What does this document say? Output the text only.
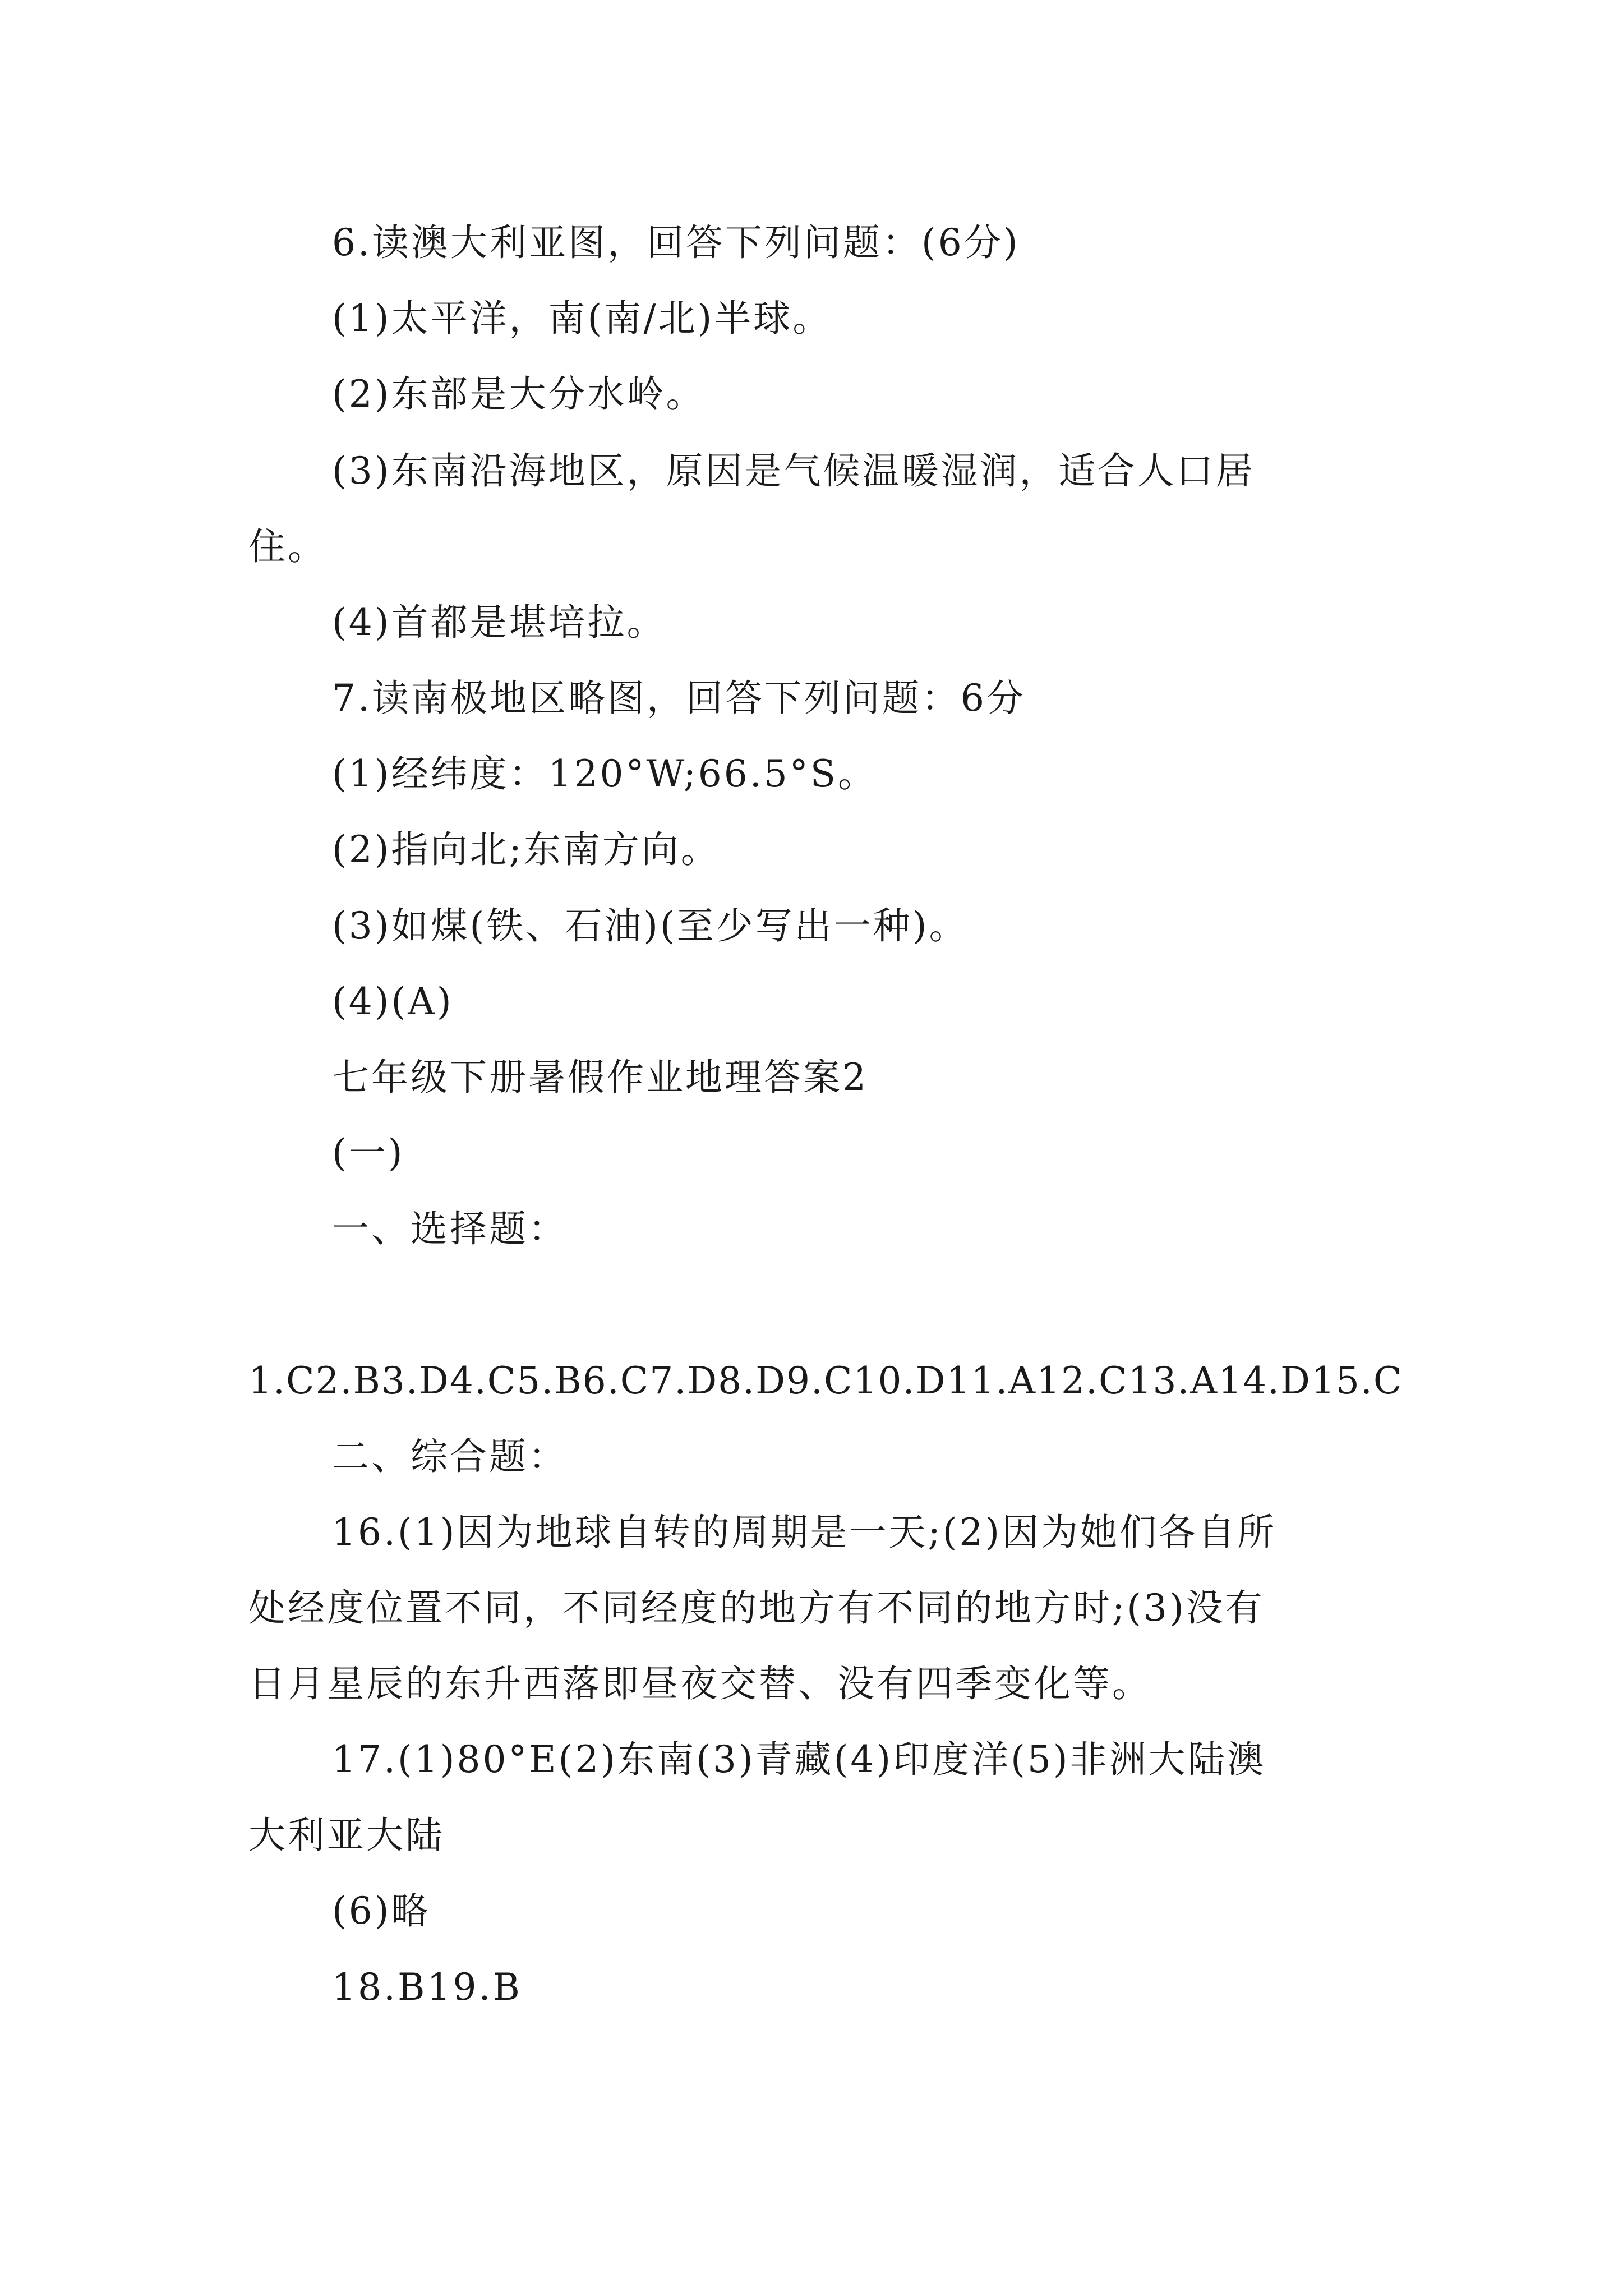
6.读澳大利亚图，回答下列问题：(6分)
(1)太平洋，南(南/北)半球。
(2)东部是大分水岭。
(3)东南沿海地区，原因是气候温暖湿润，适合人口居
住。
(4)首都是堪培拉。
7.读南极地区略图，回答下列问题：6分
(1)经纬度：120°W;66.5°S。
(2)指向北;东南方向。
(3)如煤(铁、石油)(至少写出一种)。
(4)(A)
七年级下册暑假作业地理答案2
(一)
一、选择题：
1.C2.B3.D4.C5.B6.C7.D8.D9.C10.D11.A12.C13.A14.D15.C
二、综合题：
16.(1)因为地球自转的周期是一天;(2)因为她们各自所
处经度位置不同，不同经度的地方有不同的地方时;(3)没有
日月星辰的东升西落即昼夜交替、没有四季变化等。
17.(1)80°E(2)东南(3)青藏(4)印度洋(5)非洲大陆澳
大利亚大陆
(6)略
18.B19.B
